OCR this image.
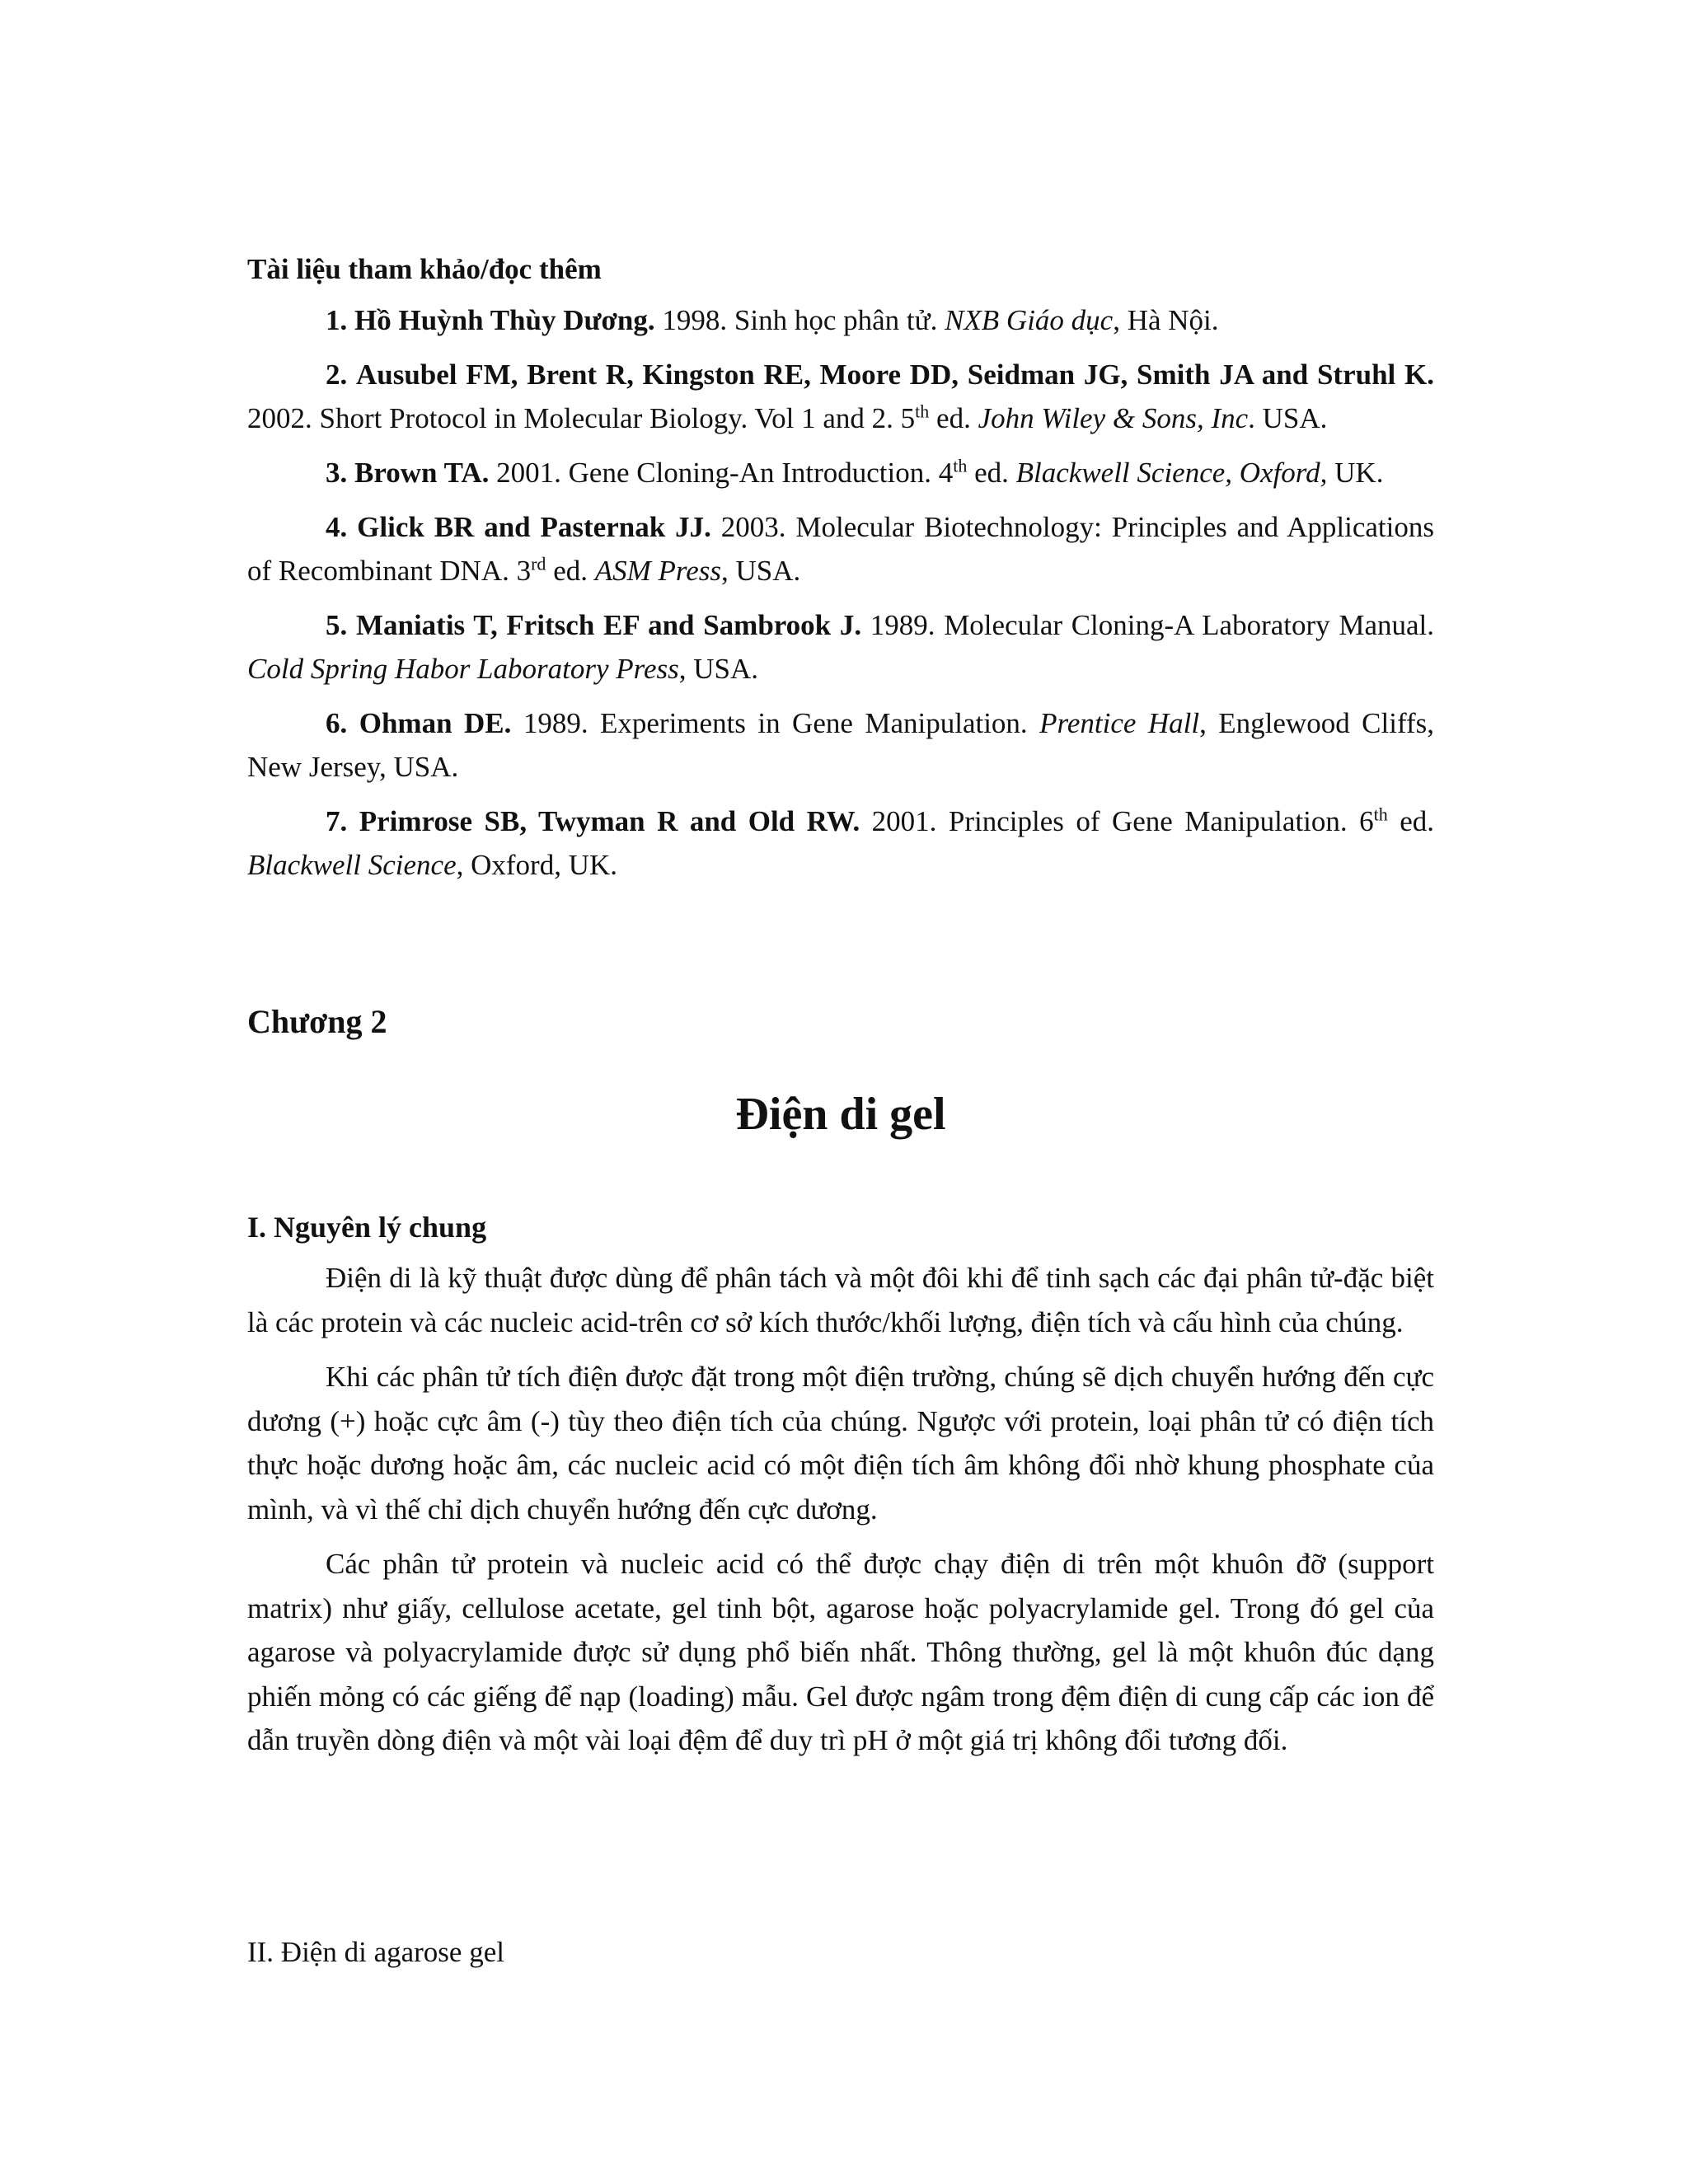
Tài liệu tham khảo/đọc thêm
1. Hồ Huỳnh Thùy Dương. 1998. Sinh học phân tử. NXB Giáo dục, Hà Nội.
2. Ausubel FM, Brent R, Kingston RE, Moore DD, Seidman JG, Smith JA and Struhl K. 2002. Short Protocol in Molecular Biology. Vol 1 and 2. 5th ed. John Wiley & Sons, Inc. USA.
3. Brown TA. 2001. Gene Cloning-An Introduction. 4th ed. Blackwell Science, Oxford, UK.
4. Glick BR and Pasternak JJ. 2003. Molecular Biotechnology: Principles and Applications of Recombinant DNA. 3rd ed. ASM Press, USA.
5. Maniatis T, Fritsch EF and Sambrook J. 1989. Molecular Cloning-A Laboratory Manual. Cold Spring Habor Laboratory Press, USA.
6. Ohman DE. 1989. Experiments in Gene Manipulation. Prentice Hall, Englewood Cliffs, New Jersey, USA.
7. Primrose SB, Twyman R and Old RW. 2001. Principles of Gene Manipulation. 6th ed. Blackwell Science, Oxford, UK.
Chương 2
Điện di gel
I. Nguyên lý chung

Điện di là kỹ thuật được dùng để phân tách và một đôi khi để tinh sạch các đại phân tử-đặc biệt là các protein và các nucleic acid-trên cơ sở kích thước/khối lượng, điện tích và cấu hình của chúng.

Khi các phân tử tích điện được đặt trong một điện trường, chúng sẽ dịch chuyển hướng đến cực dương (+) hoặc cực âm (-) tùy theo điện tích của chúng. Ngược với protein, loại phân tử có điện tích thực hoặc dương hoặc âm, các nucleic acid có một điện tích âm không đổi nhờ khung phosphate của mình, và vì thế chỉ dịch chuyển hướng đến cực dương.

Các phân tử protein và nucleic acid có thể được chạy điện di trên một khuôn đỡ (support matrix) như giấy, cellulose acetate, gel tinh bột, agarose hoặc polyacrylamide gel. Trong đó gel của agarose và polyacrylamide được sử dụng phổ biến nhất. Thông thường, gel là một khuôn đúc dạng phiến mỏng có các giếng để nạp (loading) mẫu. Gel được ngâm trong đệm điện di cung cấp các ion để dẫn truyền dòng điện và một vài loại đệm để duy trì pH ở một giá trị không đổi tương đối.

II. Điện di agarose gel
